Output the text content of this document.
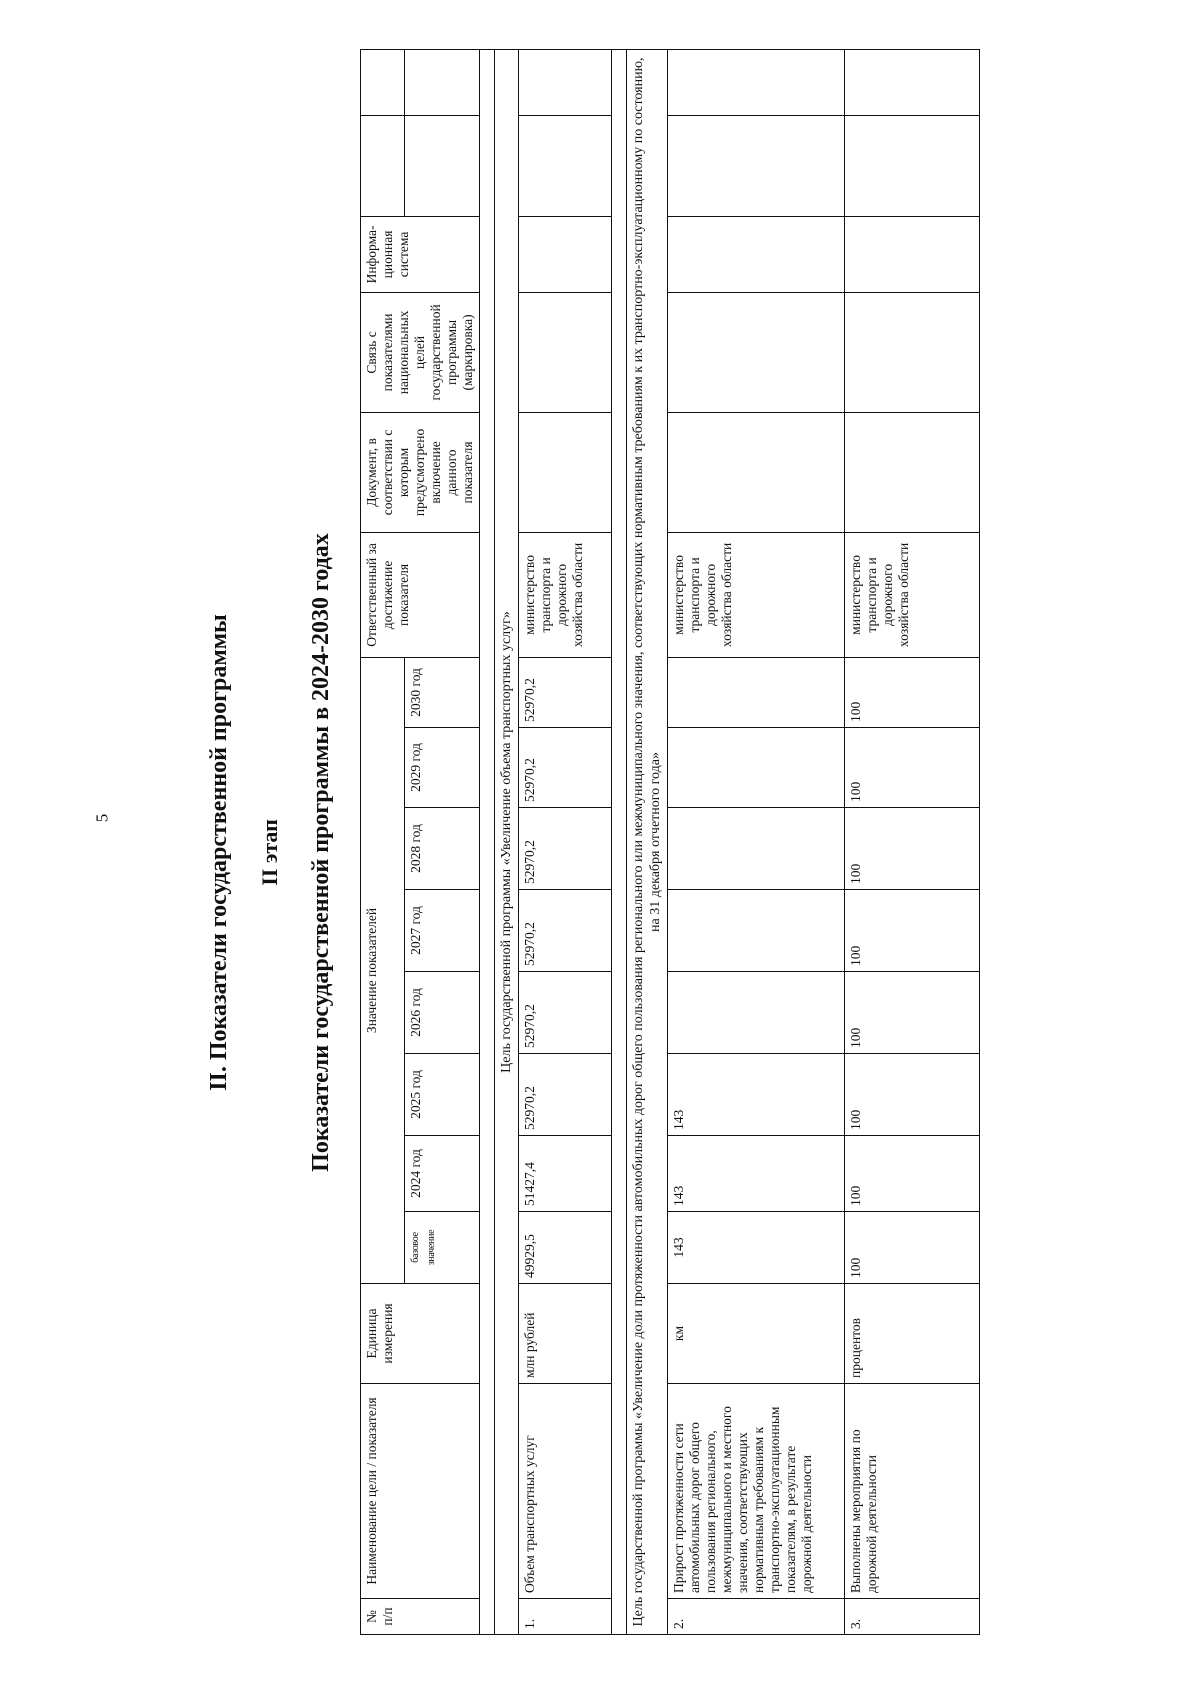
5	II. Показатели государственной программы II этап Показатели государственной программы в 2024-2030 годах
№ п/п	Наименование цели / показателя	Единица измерения	Значение показателей								Ответственный за достижение показателя	Документ, в соответствии с которым предусмотрено включение данного показателя	Связь с показателями национальных целей государственной программы (маркировка)	Информа-ционная система		
			базовое значение	2024 год	2025 год	2026 год	2027 год	2028 год	2029 год	2030 год						

Цель государственной программы «Увеличение объема транспортных услуг»																
1.	Объем транспортных услуг	млн рублей	49929,5	51427,4	52970,2	52970,2	52970,2	52970,2	52970,2	52970,2	министерство транспорта и дорожного хозяйства области					

Цель государственной программы «Увеличение доли протяженности автомобильных дорог общего пользования регионального или межмуниципального значения, соответствующих нормативным требованиям к их транспортно-эксплуатационному по состоянию, на 31 декабря отчетного года»																
2.	Прирост протяженности сети автомобильных дорог общего пользования регионального, межмуниципального и местного значения, соответствующих нормативным требованиям к транспортно-эксплуатационным показателям, в результате дорожной деятельности	км	143	143	143						министерство транспорта и дорожного хозяйства области					
3.	Выполнены мероприятия по дорожной деятельности	процентов	100	100	100	100	100	100	100	100	министерство транспорта и дорожного хозяйства области					
